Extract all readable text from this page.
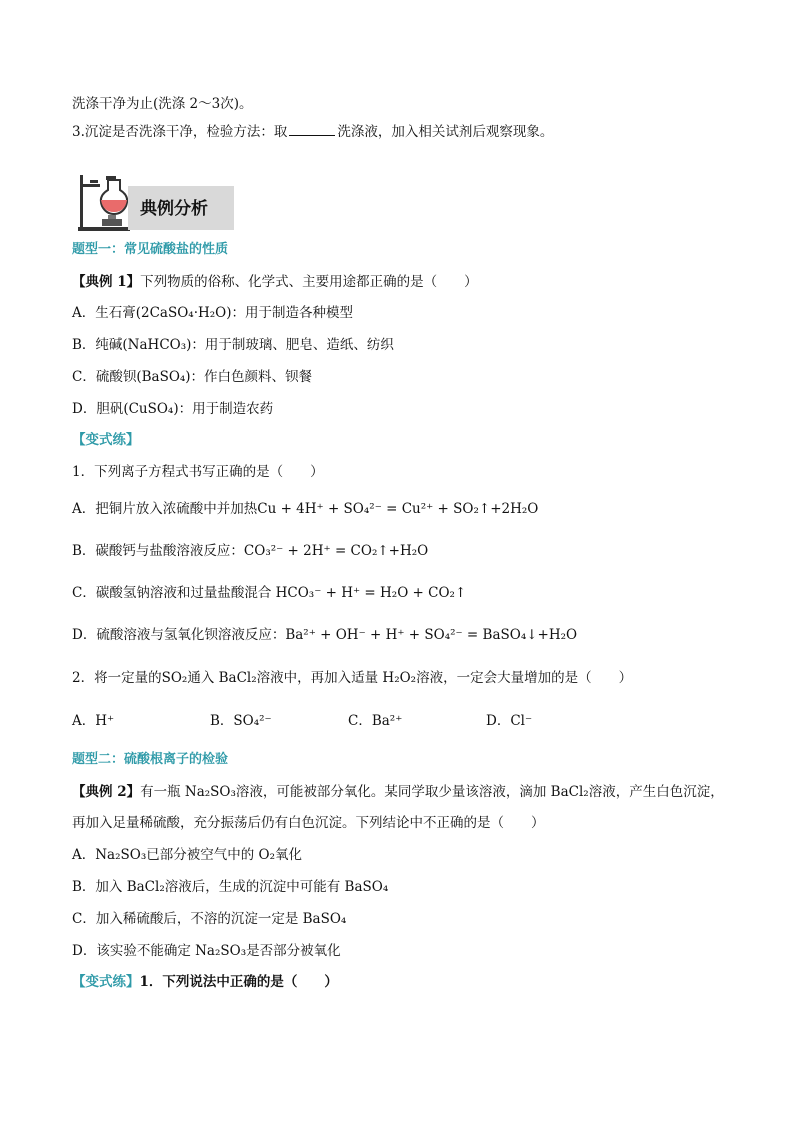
洗涤干净为止(洗涤 2～3次)。
3.沉淀是否洗涤干净，检验方法：取	洗涤液，加入相关试剂后观察现象。
典例分析
题型一：常见硫酸盐的性质
【典例 1】下列物质的俗称、化学式、主要用途都正确的是（　　）
A．生石膏(2CaSO₄·H₂O)：用于制造各种模型
B．纯碱(NaHCO₃)：用于制玻璃、肥皂、造纸、纺织
C．硫酸钡(BaSO₄)：作白色颜料、钡餐
D．胆矾(CuSO₄)：用于制造农药
【变式练】
1．下列离子方程式书写正确的是（　　）
A．把铜片放入浓硫酸中并加热Cu + 4H⁺ + SO₄²⁻ = Cu²⁺ + SO₂↑+2H₂O
B．碳酸钙与盐酸溶液反应：CO₃²⁻ + 2H⁺ = CO₂↑+H₂O
C．碳酸氢钠溶液和过量盐酸混合 HCO₃⁻ + H⁺ = H₂O + CO₂↑
D．硫酸溶液与氢氧化钡溶液反应：Ba²⁺ + OH⁻ + H⁺ + SO₄²⁻ = BaSO₄↓+H₂O
2．将一定量的SO₂通入 BaCl₂溶液中，再加入适量 H₂O₂溶液，一定会大量增加的是（　　）
A．H⁺	B．SO₄²⁻	C．Ba²⁺	D．Cl⁻
题型二：硫酸根离子的检验
【典例 2】有一瓶 Na₂SO₃溶液，可能被部分氧化。某同学取少量该溶液，滴加 BaCl₂溶液，产生白色沉淀，
再加入足量稀硫酸，充分振荡后仍有白色沉淀。下列结论中不正确的是（　　）
A．Na₂SO₃已部分被空气中的 O₂氧化
B．加入 BaCl₂溶液后，生成的沉淀中可能有 BaSO₄
C．加入稀硫酸后，不溶的沉淀一定是 BaSO₄
D．该实验不能确定 Na₂SO₃是否部分被氧化
【变式练】1．下列说法中正确的是（　　）
